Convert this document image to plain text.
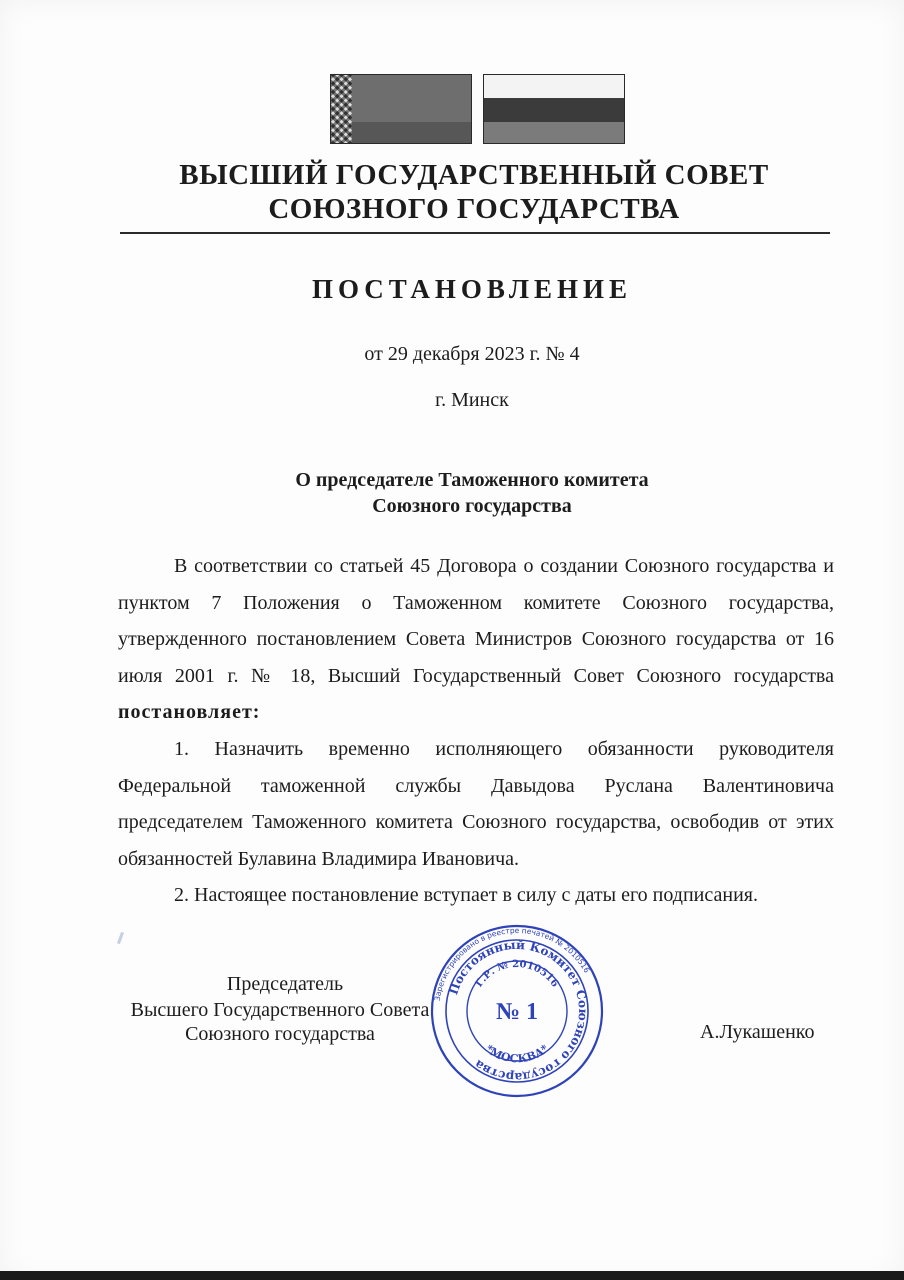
ВЫСШИЙ ГОСУДАРСТВЕННЫЙ СОВЕТ
СОЮЗНОГО ГОСУДАРСТВА
ПОСТАНОВЛЕНИЕ
от 29 декабря 2023 г. № 4
г. Минск
О председателе Таможенного комитета
Союзного государства
В соответствии со статьей 45 Договора о создании Союзного государства и пунктом 7 Положения о Таможенном комитете Союзного государства, утвержденного постановлением Совета Министров Союзного государства от 16 июля 2001 г. № 18, Высший Государственный Совет Союзного государства постановляет:
1. Назначить временно исполняющего обязанности руководителя Федеральной таможенной службы Давыдова Руслана Валентиновича председателем Таможенного комитета Союзного государства, освободив от этих обязанностей Булавина Владимира Ивановича.
2. Настоящее постановление вступает в силу с даты его подписания.
Председатель
Высшего Государственного Совета
Союзного государства	А.Лукашенко
Зарегистрировано в реестре печатей № 2010516
Постоянный Комитет Союзного государства
Г.Р. № 2010516
№ 1
*МОСКВА*
